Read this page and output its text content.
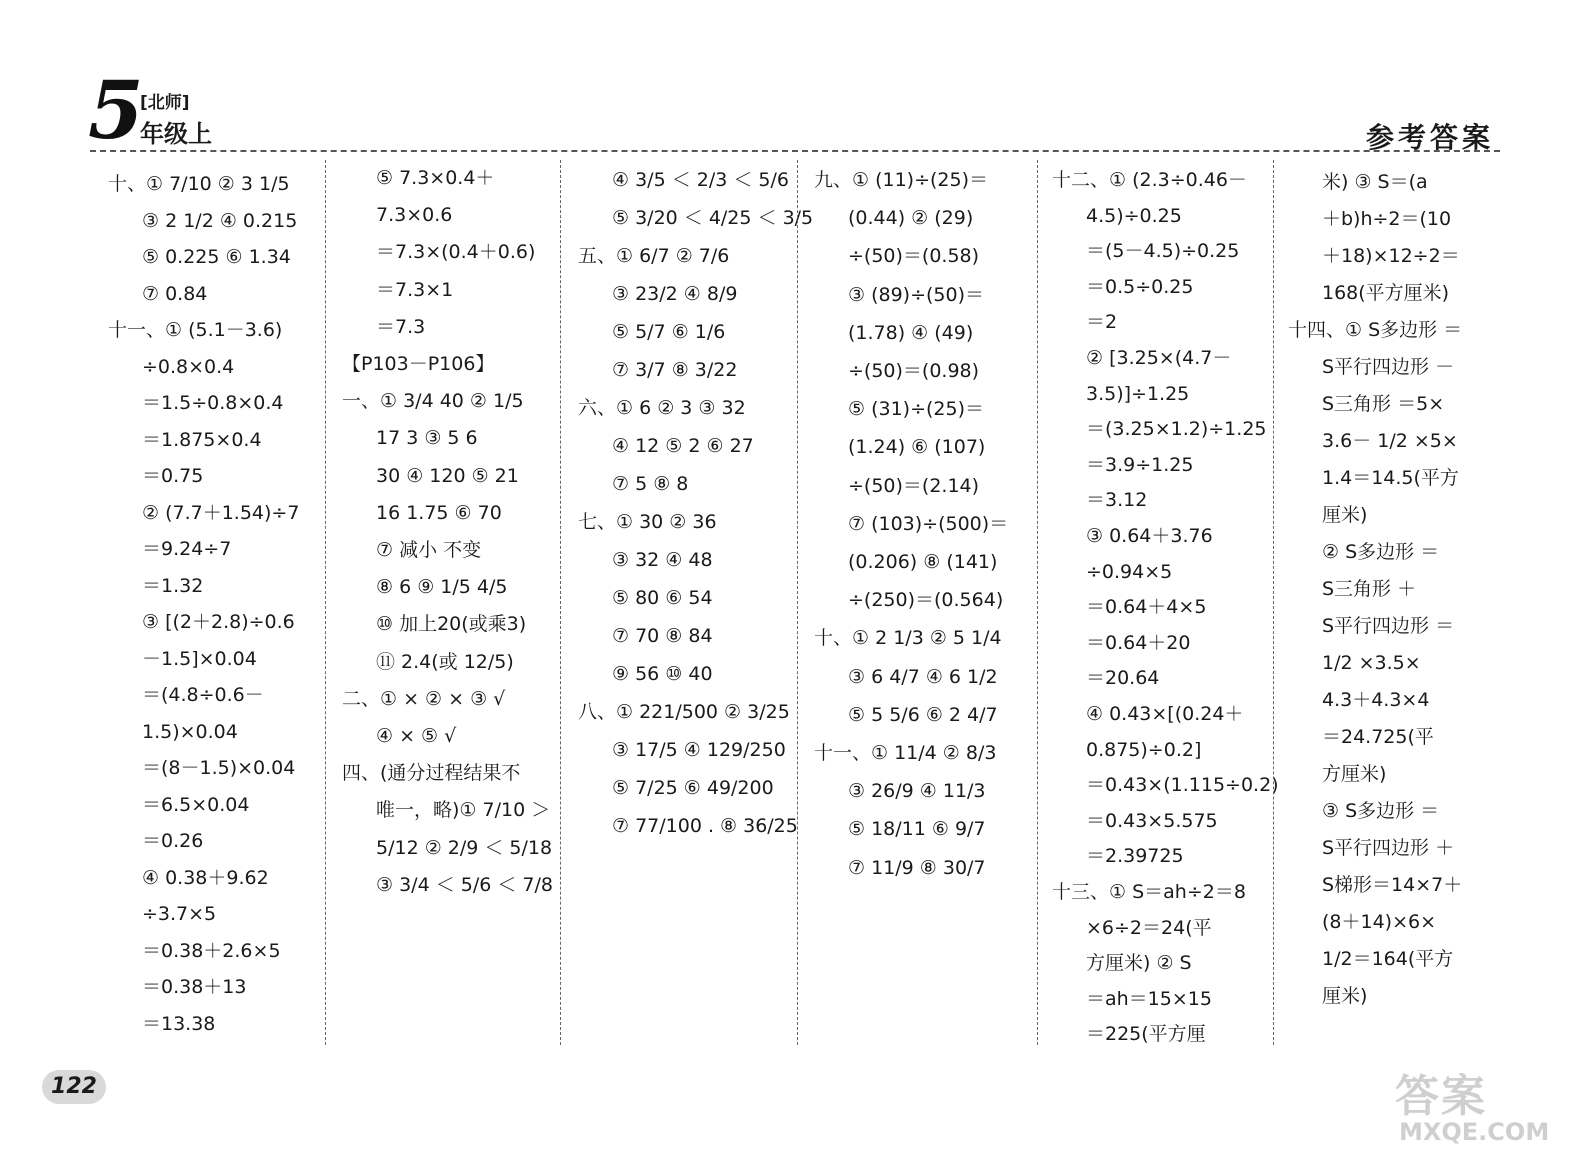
5
[北师]
年级上	参考答案
十、① 7/10 ② 3 1/5
③ 2 1/2 ④ 0.215
⑤ 0.225 ⑥ 1.34
⑦ 0.84
十一、① (5.1－3.6)
÷0.8×0.4
＝1.5÷0.8×0.4
＝1.875×0.4
＝0.75
② (7.7＋1.54)÷7
＝9.24÷7
＝1.32
③ [(2＋2.8)÷0.6
－1.5]×0.04
＝(4.8÷0.6－
1.5)×0.04
＝(8－1.5)×0.04
＝6.5×0.04
＝0.26
④ 0.38＋9.62
÷3.7×5
＝0.38＋2.6×5
＝0.38＋13
＝13.38
⑤ 7.3×0.4＋
7.3×0.6
＝7.3×(0.4＋0.6)
＝7.3×1
＝7.3
【P103－P106】
一、① 3/4 40 ② 1/5
17 3 ③ 5 6
30 ④ 120 ⑤ 21
16 1.75 ⑥ 70
⑦ 减小 不变
⑧ 6 ⑨ 1/5 4/5
⑩ 加上20(或乘3)
⑪ 2.4(或 12/5)
二、① × ② × ③ √
④ × ⑤ √
四、(通分过程结果不
唯一，略)① 7/10 ＞
5/12 ② 2/9 ＜ 5/18
③ 3/4 ＜ 5/6 ＜ 7/8
④ 3/5 ＜ 2/3 ＜ 5/6
⑤ 3/20 ＜ 4/25 ＜ 3/5
五、① 6/7 ② 7/6
③ 23/2 ④ 8/9
⑤ 5/7 ⑥ 1/6
⑦ 3/7 ⑧ 3/22
六、① 6 ② 3 ③ 32
④ 12 ⑤ 2 ⑥ 27
⑦ 5 ⑧ 8
七、① 30 ② 36
③ 32 ④ 48
⑤ 80 ⑥ 54
⑦ 70 ⑧ 84
⑨ 56 ⑩ 40
八、① 221/500 ② 3/25
③ 17/5 ④ 129/250
⑤ 7/25 ⑥ 49/200
⑦ 77/100 . ⑧ 36/25
九、① (11)÷(25)＝
(0.44) ② (29)
÷(50)＝(0.58)
③ (89)÷(50)＝
(1.78) ④ (49)
÷(50)＝(0.98)
⑤ (31)÷(25)＝
(1.24) ⑥ (107)
÷(50)＝(2.14)
⑦ (103)÷(500)＝
(0.206) ⑧ (141)
÷(250)＝(0.564)
十、① 2 1/3 ② 5 1/4
③ 6 4/7 ④ 6 1/2
⑤ 5 5/6 ⑥ 2 4/7
十一、① 11/4 ② 8/3
③ 26/9 ④ 11/3
⑤ 18/11 ⑥ 9/7
⑦ 11/9 ⑧ 30/7
十二、① (2.3÷0.46－
4.5)÷0.25
＝(5－4.5)÷0.25
＝0.5÷0.25
＝2
② [3.25×(4.7－
3.5)]÷1.25
＝(3.25×1.2)÷1.25
＝3.9÷1.25
＝3.12
③ 0.64＋3.76
÷0.94×5
＝0.64＋4×5
＝0.64＋20
＝20.64
④ 0.43×[(0.24＋
0.875)÷0.2]
＝0.43×(1.115÷0.2)
＝0.43×5.575
＝2.39725
十三、① S＝ah÷2＝8
×6÷2＝24(平
方厘米) ② S
＝ah＝15×15
＝225(平方厘
米) ③ S＝(a
＋b)h÷2＝(10
＋18)×12÷2＝
168(平方厘米)
十四、① S多边形 ＝
S平行四边形 －
S三角形 ＝5×
3.6－ 1/2 ×5×
1.4＝14.5(平方
厘米)
② S多边形 ＝
S三角形 ＋
S平行四边形 ＝
1/2 ×3.5×
4.3＋4.3×4
＝24.725(平
方厘米)
③ S多边形 ＝
S平行四边形 ＋
S梯形＝14×7＋
(8＋14)×6×
1/2＝164(平方
厘米)
122	答案
MXQE.COM
